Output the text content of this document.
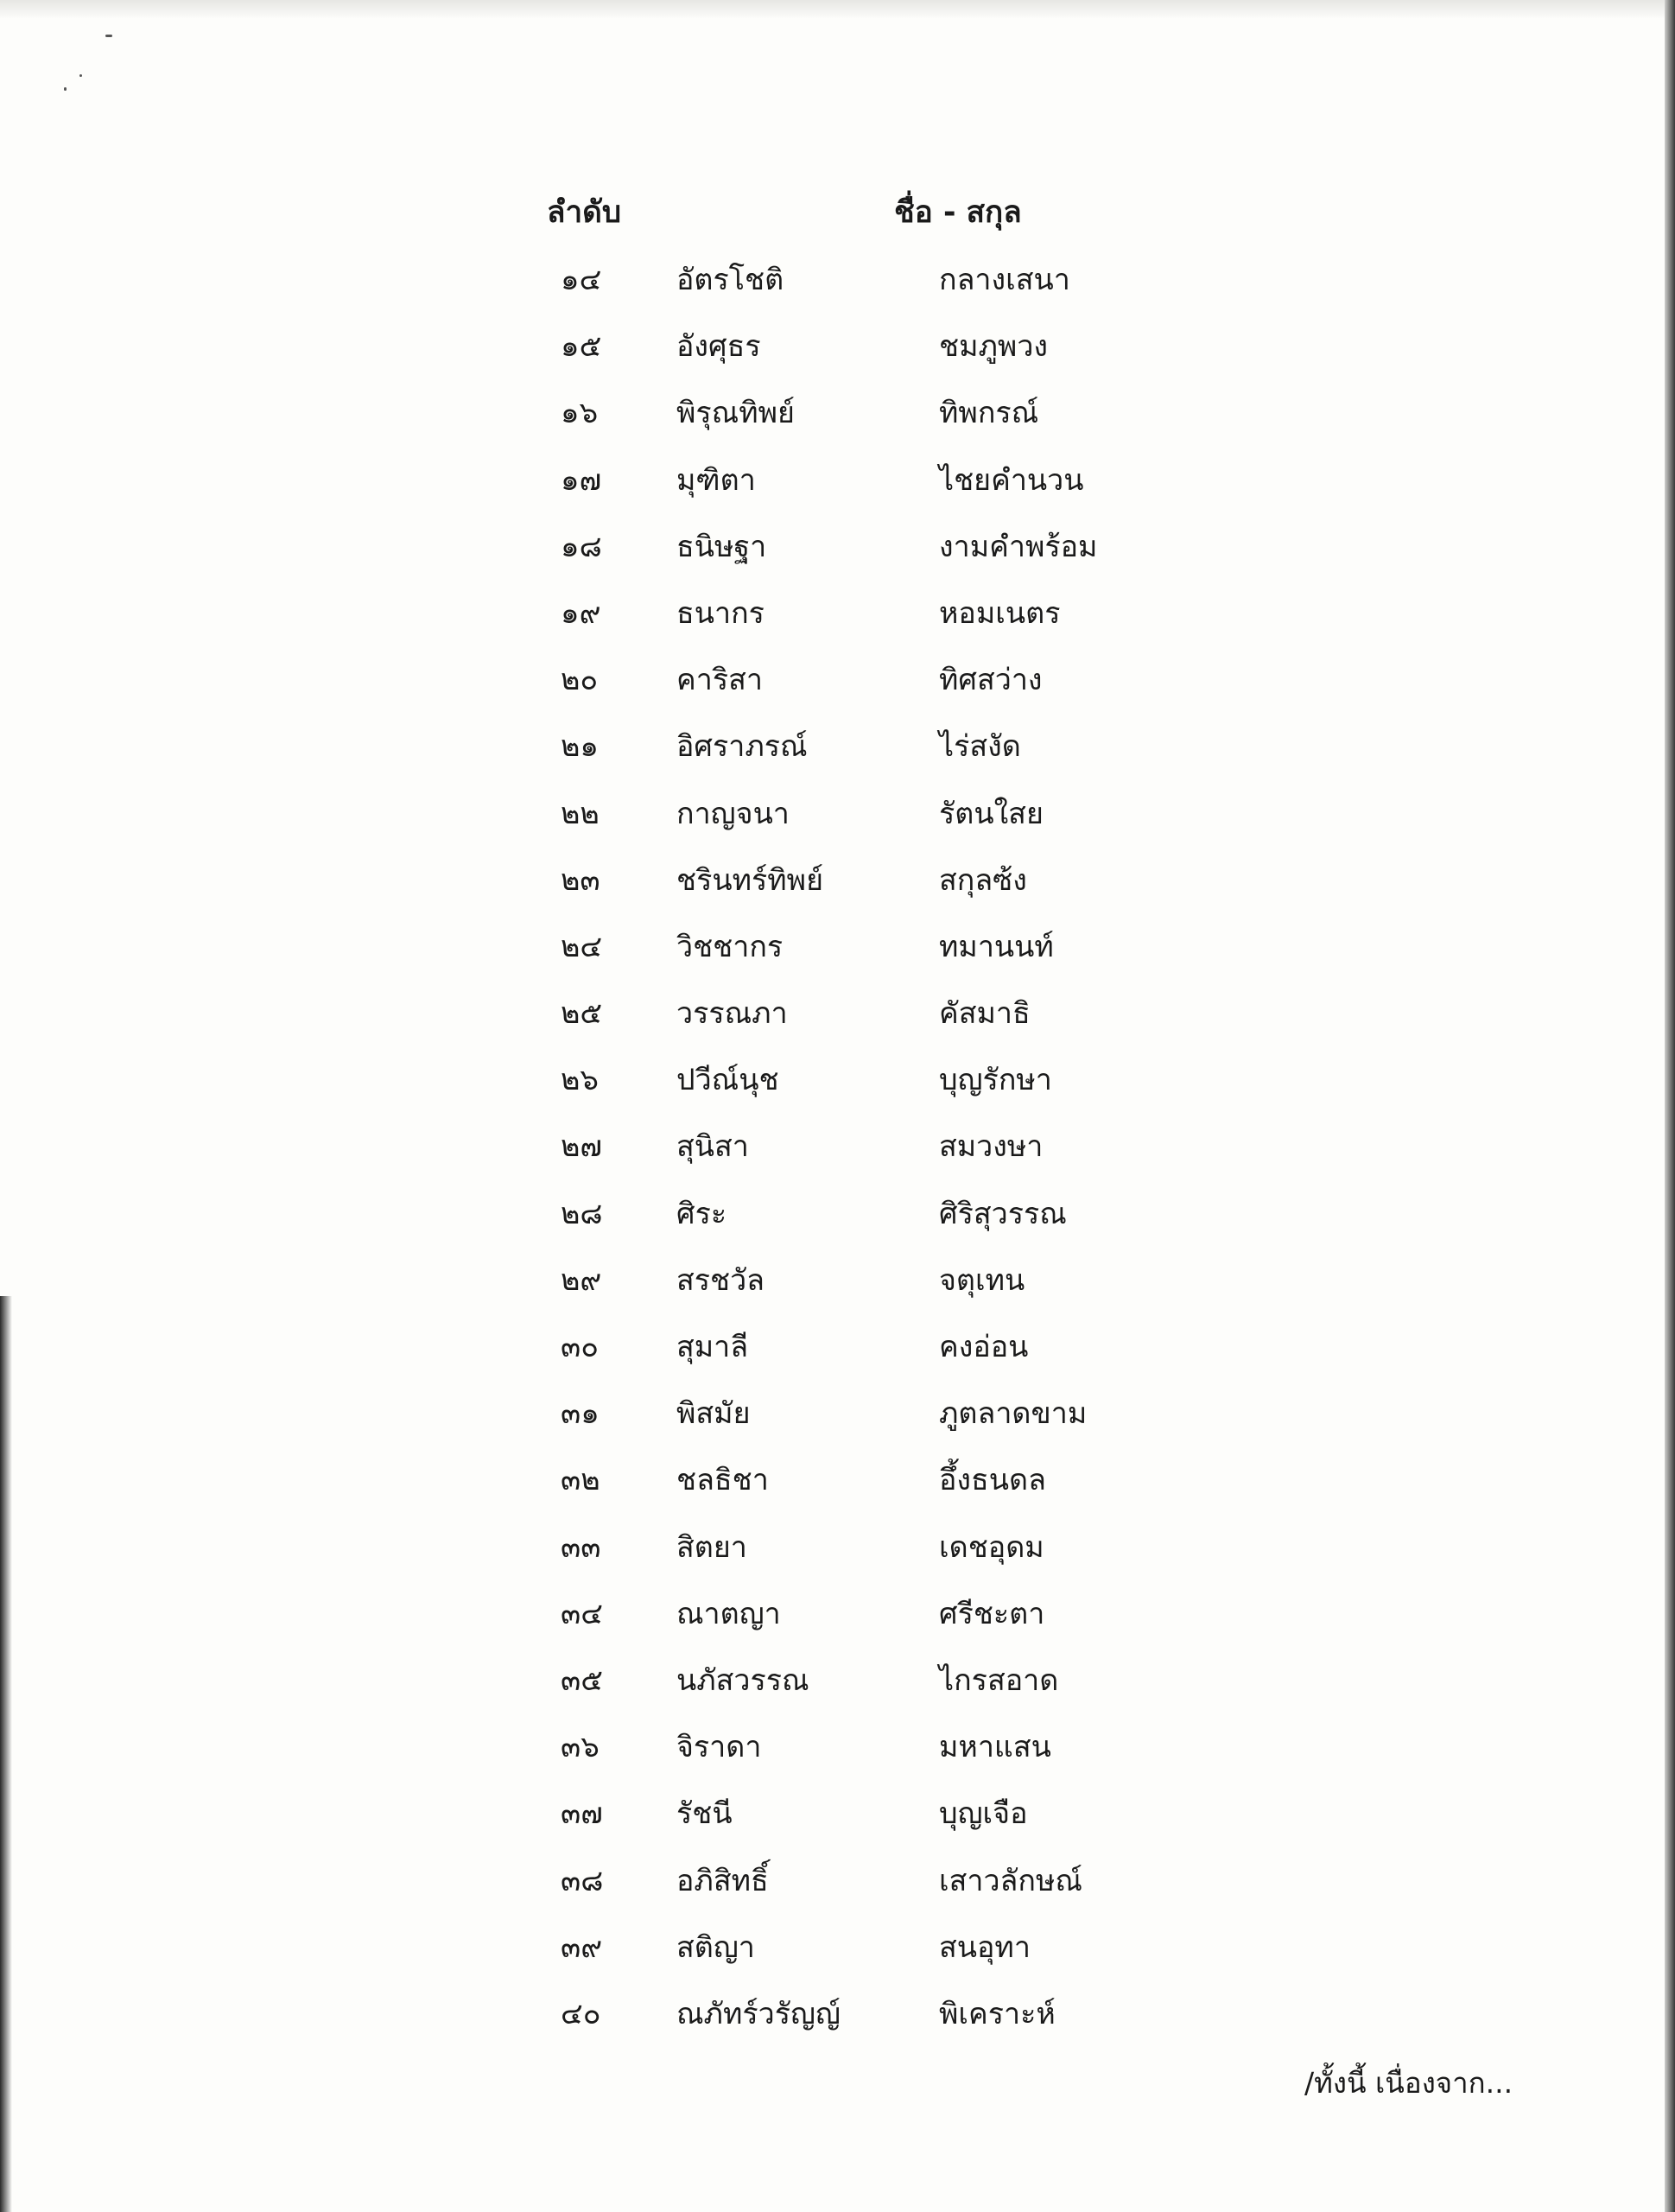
ลำดับ	ชื่อ - สกุล
๑๔	อัตรโชติ	กลางเสนา
๑๕	อังศุธร	ชมภูพวง
๑๖	พิรุณทิพย์	ทิพกรณ์
๑๗	มุฑิตา	ไชยคำนวน
๑๘	ธนิษฐา	งามคำพร้อม
๑๙	ธนากร	หอมเนตร
๒๐	คาริสา	ทิศสว่าง
๒๑	อิศราภรณ์	ไร่สงัด
๒๒	กาญจนา	รัตนใสย
๒๓	ชรินทร์ทิพย์	สกุลซ้ง
๒๔	วิชชากร	ทมานนท์
๒๕	วรรณภา	คัสมาธิ
๒๖	ปวีณ์นุช	บุญรักษา
๒๗	สุนิสา	สมวงษา
๒๘	ศิระ	ศิริสุวรรณ
๒๙	สรชวัล	จตุเทน
๓๐	สุมาลี	คงอ่อน
๓๑	พิสมัย	ภูตลาดขาม
๓๒	ชลธิชา	อึ้งธนดล
๓๓	สิตยา	เดชอุดม
๓๔	ณาตญา	ศรีชะตา
๓๕	นภัสวรรณ	ไกรสอาด
๓๖	จิราดา	มหาแสน
๓๗	รัชนี	บุญเจือ
๓๘ อภิสิทธิ์	เสาวลักษณ์
๓๙	สติญา	สนอุทา
๔๐	ณภัทร์วรัญญ์	พิเคราะห์
/ทั้งนี้ เนื่องจาก...
